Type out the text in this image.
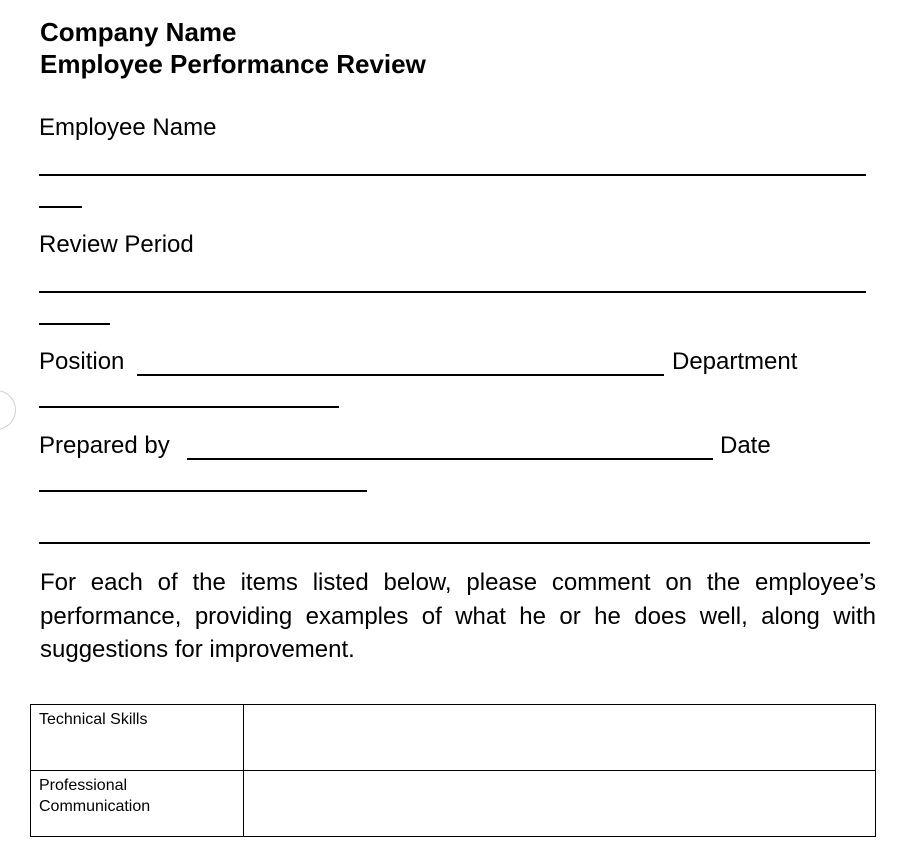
Company Name
Employee Performance Review
Employee Name
Review Period
Position	Department
Prepared by	Date
For each of the items listed below, please comment on the employee’s performance, providing examples of what he or he does well, along with suggestions for improvement.
Technical Skills	
Professional Communication	
